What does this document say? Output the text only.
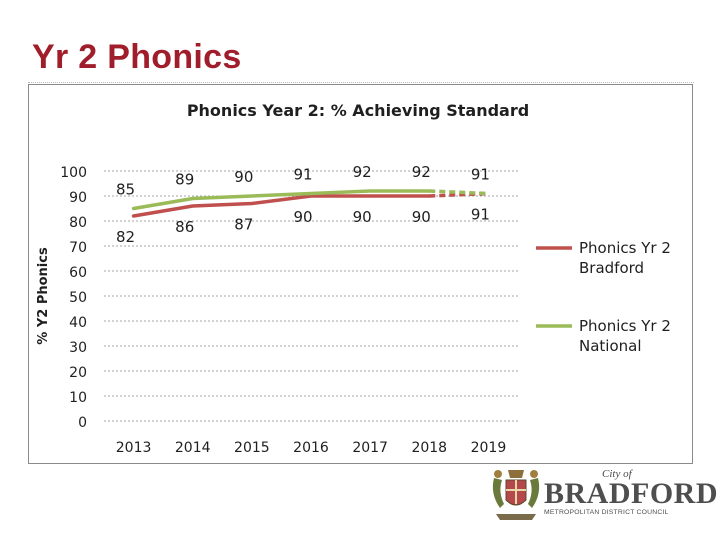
Yr 2 Phonics
0
10
20
30
40
50
60
70
80
90
100
2013 2014 2015 2016 2017 2018 2019
82
86	87	90	90	90	91
85
89	90	91	92	92	91
Phonics Yr 2 Bradford
Phonics Yr 2 National
Phonics Year 2: % Achieving Standard
% Y2 Phonics
City of
BRADFORD
METROPOLITAN DISTRICT COUNCIL
